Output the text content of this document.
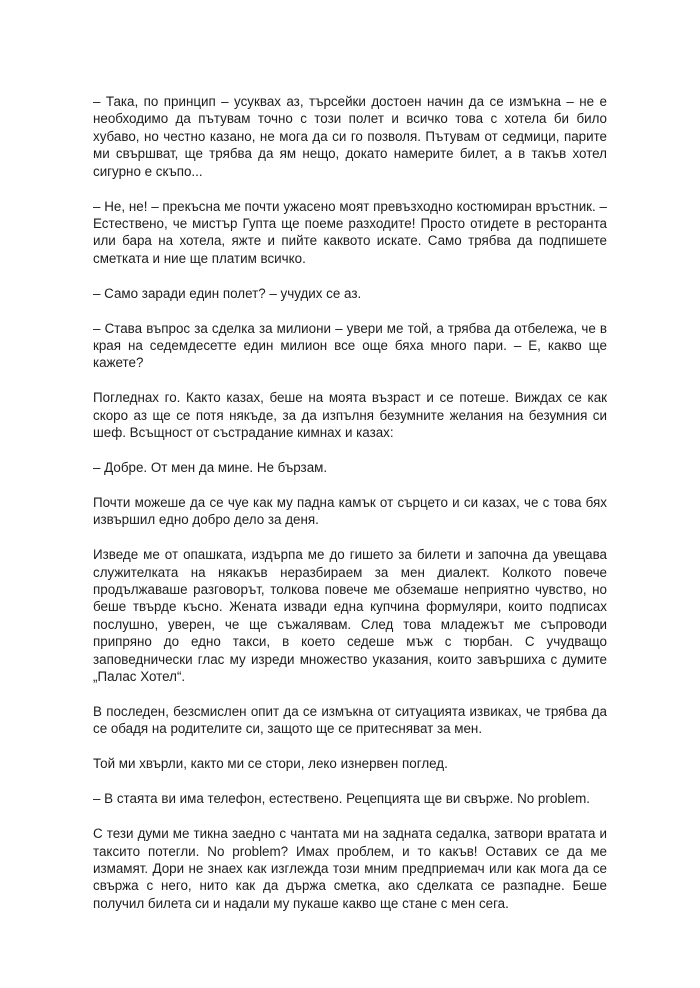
– Така, по принцип – усуквах аз, търсейки достоен начин да се измъкна – не е необходимо да пътувам точно с този полет и всичко това с хотела би било хубаво, но честно казано, не мога да си го позволя. Пътувам от седмици, парите ми свършват, ще трябва да ям нещо, докато намерите билет, а в такъв хотел сигурно е скъпо...

– Не, не! – прекъсна ме почти ужасено моят превъзходно костюмиран връстник. – Естествено, че мистър Гупта ще поеме разходите! Просто отидете в ресторанта или бара на хотела, яжте и пийте каквото искате. Само трябва да подпишете сметката и ние ще платим всичко.

– Само заради един полет? – учудих се аз.

– Става въпрос за сделка за милиони – увери ме той, а трябва да отбележа, че в края на седемдесетте един милион все още бяха много пари. – Е, какво ще кажете?

Погледнах го. Както казах, беше на моята възраст и се потеше. Виждах се как скоро аз ще се потя някъде, за да изпълня безумните желания на безумния си шеф. Всъщност от състрадание кимнах и казах:

– Добре. От мен да мине. Не бързам.

Почти можеше да се чуе как му падна камък от сърцето и си казах, че с това бях извършил едно добро дело за деня.

Изведе ме от опашката, издърпа ме до гишето за билети и започна да увещава служителката на някакъв неразбираем за мен диалект. Колкото повече продължаваше разговорът, толкова повече ме обземаше неприятно чувство, но беше твърде късно. Жената извади една купчина формуляри, които подписах послушно, уверен, че ще съжалявам. След това младежът ме съпроводи припряно до едно такси, в което седеше мъж с тюрбан. С учудващо заповеднически глас му изреди множество указания, които завършиха с думите „Палас Хотел“.

В последен, безсмислен опит да се измъкна от ситуацията извиках, че трябва да се обадя на родителите си, защото ще се притесняват за мен.

Той ми хвърли, както ми се стори, леко изнервен поглед.

– В стаята ви има телефон, естествено. Рецепцията ще ви свърже. No problem.

С тези думи ме тикна заедно с чантата ми на задната седалка, затвори вратата и таксито потегли. No problem? Имах проблем, и то какъв! Оставих се да ме измамят. Дори не знаех как изглежда този мним предприемач или как мога да се свържа с него, нито как да държа сметка, ако сделката се разпадне. Беше получил билета си и надали му пукаше какво ще стане с мен сега.
